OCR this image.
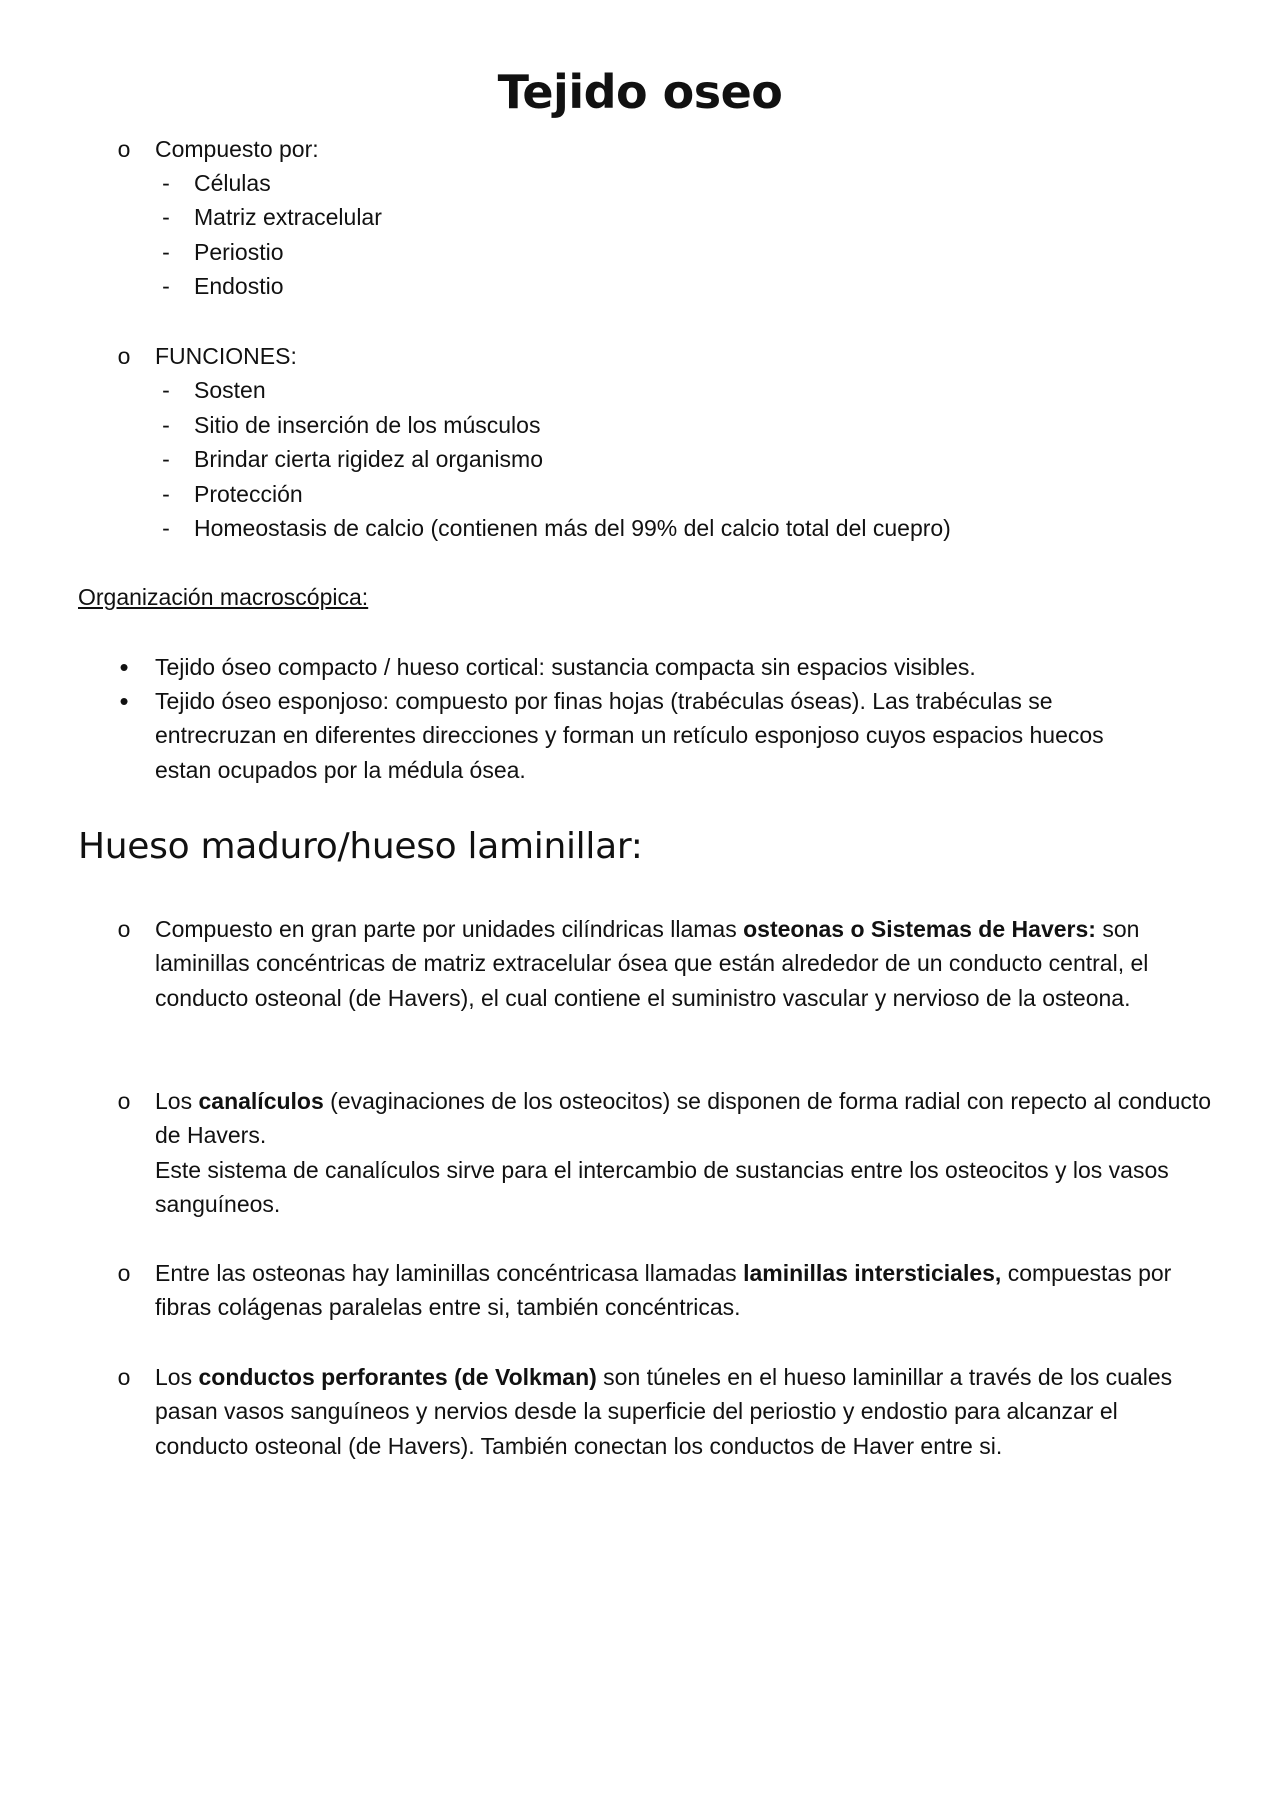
Tejido oseo
o Compuesto por:
- Células
- Matriz extracelular
- Periostio
- Endostio
o FUNCIONES:
- Sosten
- Sitio de inserción de los músculos
- Brindar cierta rigidez al organismo
- Protección
- Homeostasis de calcio (contienen más del 99% del calcio total del cuepro)
Organización macroscópica:
•	Tejido óseo compacto / hueso cortical: sustancia compacta sin espacios visibles.

•	Tejido óseo esponjoso: compuesto por finas hojas (trabéculas óseas). Las trabéculas se entrecruzan en diferentes direcciones y forman un retículo esponjoso cuyos espacios huecos estan ocupados por la médula ósea.

Hueso maduro/hueso laminillar:
o Compuesto en gran parte por unidades cilíndricas llamas osteonas o Sistemas de Havers: son laminillas concéntricas de matriz extracelular ósea que están alrededor de un conducto central, el conducto osteonal (de Havers), el cual contiene el suministro vascular y nervioso de la osteona.

o Los canalículos (evaginaciones de los osteocitos) se disponen de forma radial con repecto al conducto de Havers.
Este sistema de canalículos sirve para el intercambio de sustancias entre los osteocitos y los vasos sanguíneos.

o Entre las osteonas hay laminillas concéntricasa llamadas laminillas intersticiales, compuestas por fibras colágenas paralelas entre si, también concéntricas.

o Los conductos perforantes (de Volkman) son túneles en el hueso laminillar a través de los cuales pasan vasos sanguíneos y nervios desde la superficie del periostio y endostio para alcanzar el conducto osteonal (de Havers). También conectan los conductos de Haver entre si.
